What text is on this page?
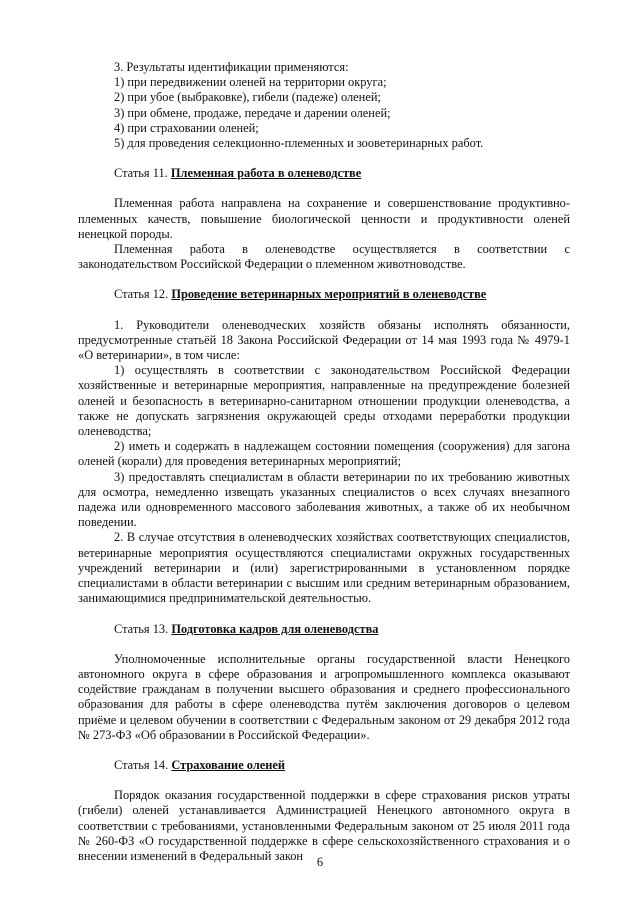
3. Результаты идентификации применяются:

1) при передвижении оленей на территории округа;

2) при убое (выбраковке), гибели (падеже) оленей;

3) при обмене, продаже, передаче и дарении оленей;

4) при страховании оленей;

5) для проведения селекционно-племенных и зооветеринарных работ.

Статья 11. Племенная работа в оленеводстве

Племенная работа направлена на сохранение и совершенствование продуктивно-племенных качеств, повышение биологической ценности и продуктивности оленей ненецкой породы.

Племенная работа в оленеводстве осуществляется в соответствии с законодательством Российской Федерации о племенном животноводстве.

Статья 12. Проведение ветеринарных мероприятий в оленеводстве

1. Руководители оленеводческих хозяйств обязаны исполнять обязанности, предусмотренные статьёй 18 Закона Российской Федерации от 14 мая 1993 года № 4979-1 «О ветеринарии», в том числе:

1) осуществлять в соответствии с законодательством Российской Федерации хозяйственные и ветеринарные мероприятия, направленные на предупреждение болезней оленей и безопасность в ветеринарно-санитарном отношении продукции оленеводства, а также не допускать загрязнения окружающей среды отходами переработки продукции оленеводства;

2) иметь и содержать в надлежащем состоянии помещения (сооружения) для загона оленей (корали) для проведения ветеринарных мероприятий;

3) предоставлять специалистам в области ветеринарии по их требованию животных для осмотра, немедленно извещать указанных специалистов о всех случаях внезапного падежа или одновременного массового заболевания животных, а также об их необычном поведении.

2. В случае отсутствия в оленеводческих хозяйствах соответствующих специалистов, ветеринарные мероприятия осуществляются специалистами окружных государственных учреждений ветеринарии и (или) зарегистрированными в установленном порядке специалистами в области ветеринарии с высшим или средним ветеринарным образованием, занимающимися предпринимательской деятельностью.

Статья 13. Подготовка кадров для оленеводства

Уполномоченные исполнительные органы государственной власти Ненецкого автономного округа в сфере образования и агропромышленного комплекса оказывают содействие гражданам в получении высшего образования и среднего профессионального образования для работы в сфере оленеводства путём заключения договоров о целевом приёме и целевом обучении в соответствии с Федеральным законом от 29 декабря 2012 года № 273-ФЗ «Об образовании в Российской Федерации».

Статья 14. Страхование оленей

Порядок оказания государственной поддержки в сфере страхования рисков утраты (гибели) оленей устанавливается Администрацией Ненецкого автономного округа в соответствии с требованиями, установленными Федеральным законом от 25 июля 2011 года № 260-ФЗ «О государственной поддержке в сфере сельскохозяйственного страхования и о внесении изменений в Федеральный закон	6
